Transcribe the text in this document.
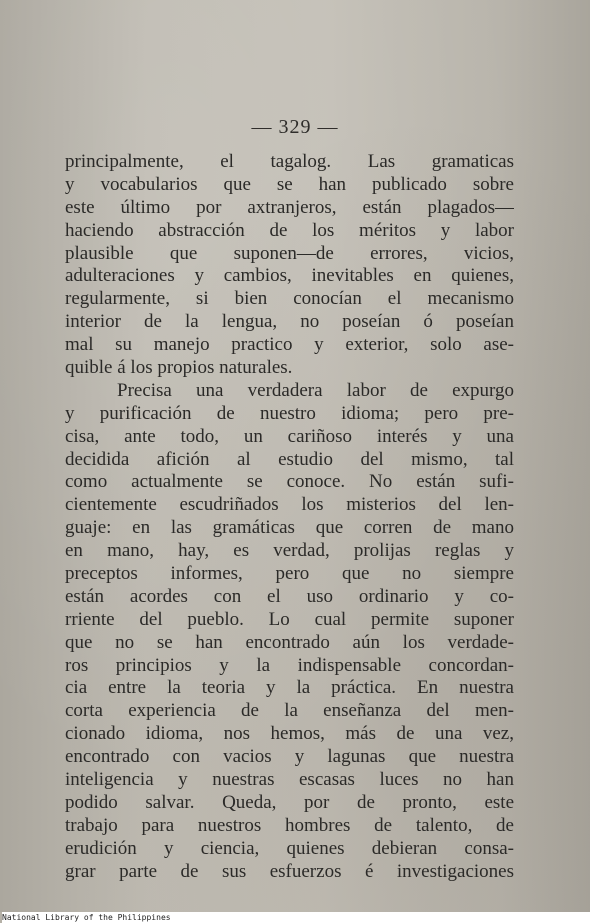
— 329 —
principalmente, el tagalog. Las gramaticas
y vocabularios que se han publicado sobre
este último por axtranjeros, están plagados—
haciendo abstracción de los méritos y labor
plausible que suponen—de errores, vicios,
adulteraciones y cambios, inevitables en quienes,
regularmente, si bien conocían el mecanismo
interior de la lengua, no poseían ó poseían
mal su manejo practico y exterior, solo ase-
quible á los propios naturales.
Precisa una verdadera labor de expurgo
y purificación de nuestro idioma; pero pre-
cisa, ante todo, un cariñoso interés y una
decidida afición al estudio del mismo, tal
como actualmente se conoce. No están sufi-
cientemente escudriñados los misterios del len-
guaje: en las gramáticas que corren de mano
en mano, hay, es verdad, prolijas reglas y
preceptos informes, pero que no siempre
están acordes con el uso ordinario y co-
rriente del pueblo. Lo cual permite suponer
que no se han encontrado aún los verdade-
ros principios y la indispensable concordan-
cia entre la teoria y la práctica. En nuestra
corta experiencia de la enseñanza del men-
cionado idioma, nos hemos, más de una vez,
encontrado con vacios y lagunas que nuestra
inteligencia y nuestras escasas luces no han
podido salvar. Queda, por de pronto, este
trabajo para nuestros hombres de talento, de
erudición y ciencia, quienes debieran consa-
grar parte de sus esfuerzos é investigaciones
National Library of the Philippines
